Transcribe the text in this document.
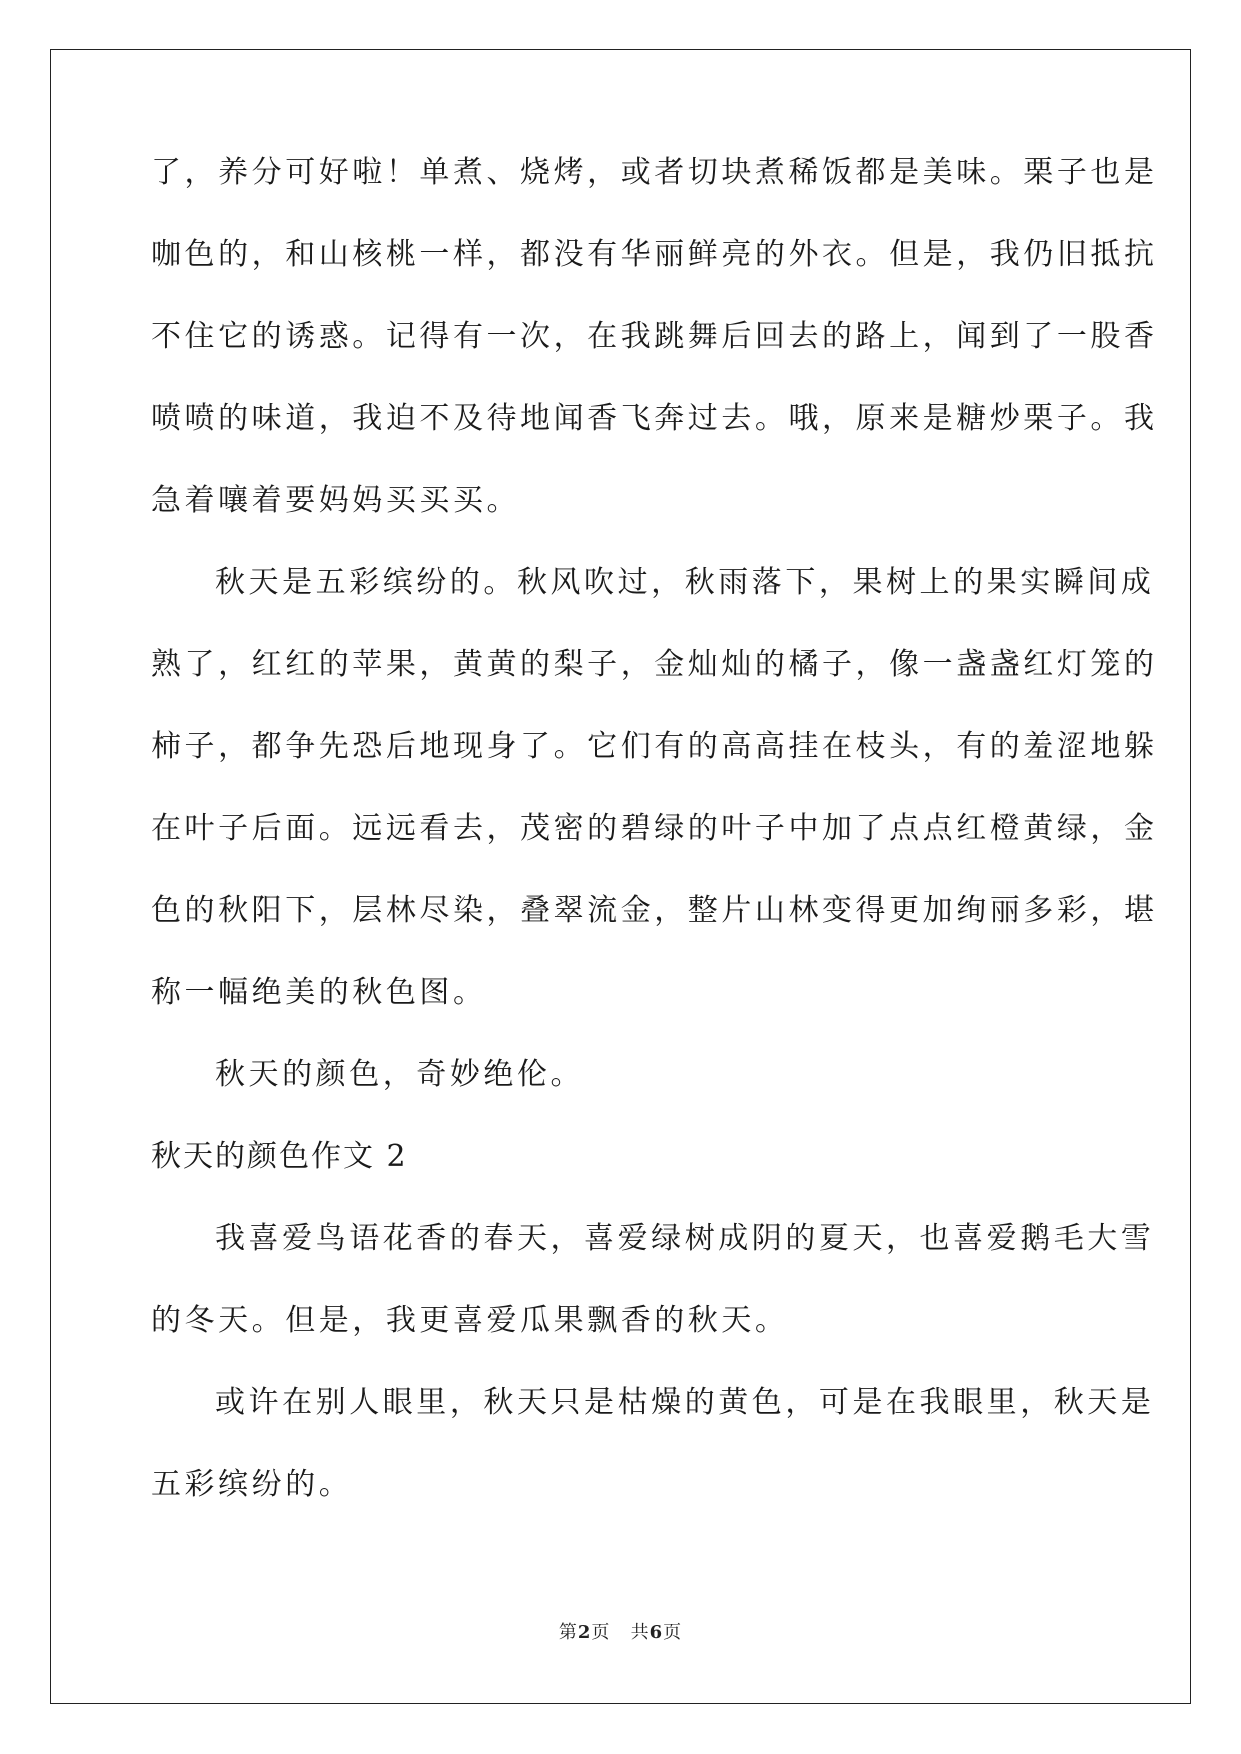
了，养分可好啦！单煮、烧烤，或者切块煮稀饭都是美味。栗子也是
咖色的，和山核桃一样，都没有华丽鲜亮的外衣。但是，我仍旧抵抗
不住它的诱惑。记得有一次，在我跳舞后回去的路上，闻到了一股香
喷喷的味道，我迫不及待地闻香飞奔过去。哦，原来是糖炒栗子。我
急着嚷着要妈妈买买买。
秋天是五彩缤纷的。秋风吹过，秋雨落下，果树上的果实瞬间成
熟了，红红的苹果，黄黄的梨子，金灿灿的橘子，像一盏盏红灯笼的
柿子，都争先恐后地现身了。它们有的高高挂在枝头，有的羞涩地躲
在叶子后面。远远看去，茂密的碧绿的叶子中加了点点红橙黄绿，金
色的秋阳下，层林尽染，叠翠流金，整片山林变得更加绚丽多彩，堪
称一幅绝美的秋色图。
秋天的颜色，奇妙绝伦。
秋天的颜色作文 2
我喜爱鸟语花香的春天，喜爱绿树成阴的夏天，也喜爱鹅毛大雪
的冬天。但是，我更喜爱瓜果飘香的秋天。
或许在别人眼里，秋天只是枯燥的黄色，可是在我眼里，秋天是
五彩缤纷的。
第2页 共6页
